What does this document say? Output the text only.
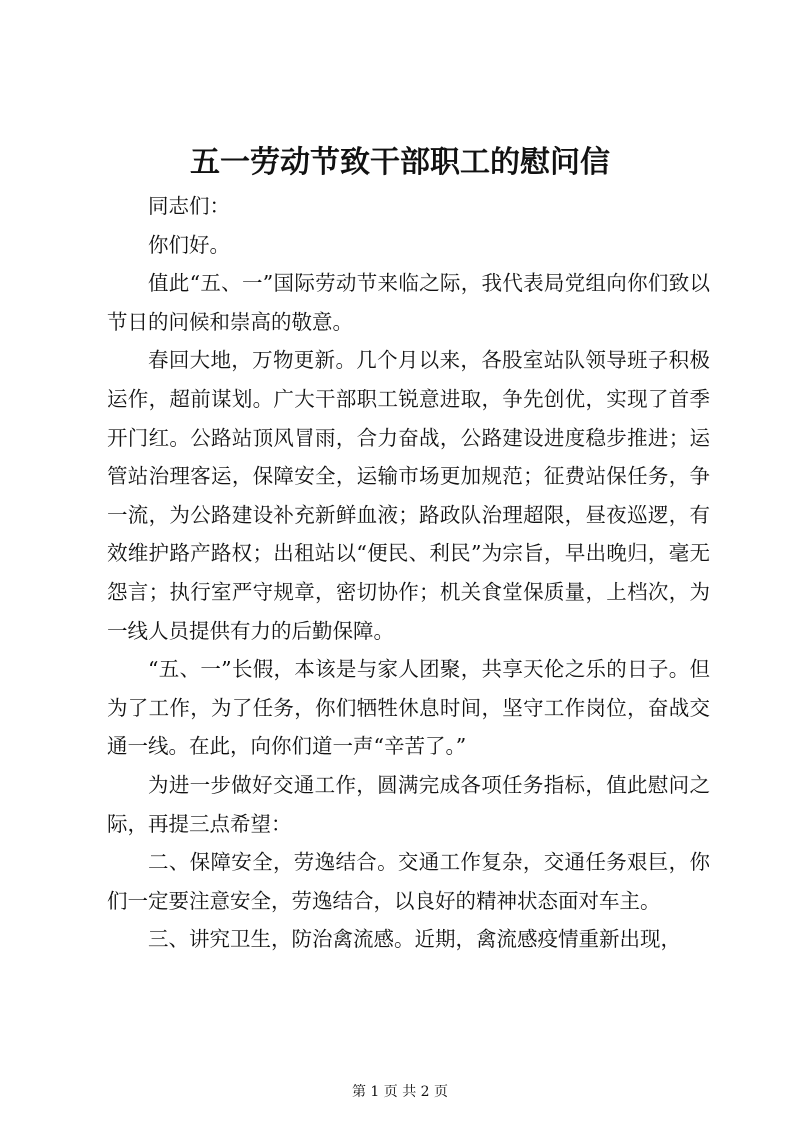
五一劳动节致干部职工的慰问信

同志们：

你们好。

值此“五、一”国际劳动节来临之际，我代表局党组向你们致以节日的问候和崇高的敬意。

春回大地，万物更新。几个月以来，各股室站队领导班子积极运作，超前谋划。广大干部职工锐意进取，争先创优，实现了首季开门红。公路站顶风冒雨，合力奋战，公路建设进度稳步推进；运管站治理客运，保障安全，运输市场更加规范；征费站保任务，争一流，为公路建设补充新鲜血液；路政队治理超限，昼夜巡逻，有效维护路产路权；出租站以“便民、利民”为宗旨，早出晚归，毫无怨言；执行室严守规章，密切协作；机关食堂保质量，上档次，为一线人员提供有力的后勤保障。

“五、一”长假，本该是与家人团聚，共享天伦之乐的日子。但为了工作，为了任务，你们牺牲休息时间，坚守工作岗位，奋战交通一线。在此，向你们道一声“辛苦了。”

为进一步做好交通工作，圆满完成各项任务指标，值此慰问之际，再提三点希望：

二、保障安全，劳逸结合。交通工作复杂，交通任务艰巨，你们一定要注意安全，劳逸结合，以良好的精神状态面对车主。

三、讲究卫生，防治禽流感。近期，禽流感疫情重新出现，

第 1 页 共 2 页
